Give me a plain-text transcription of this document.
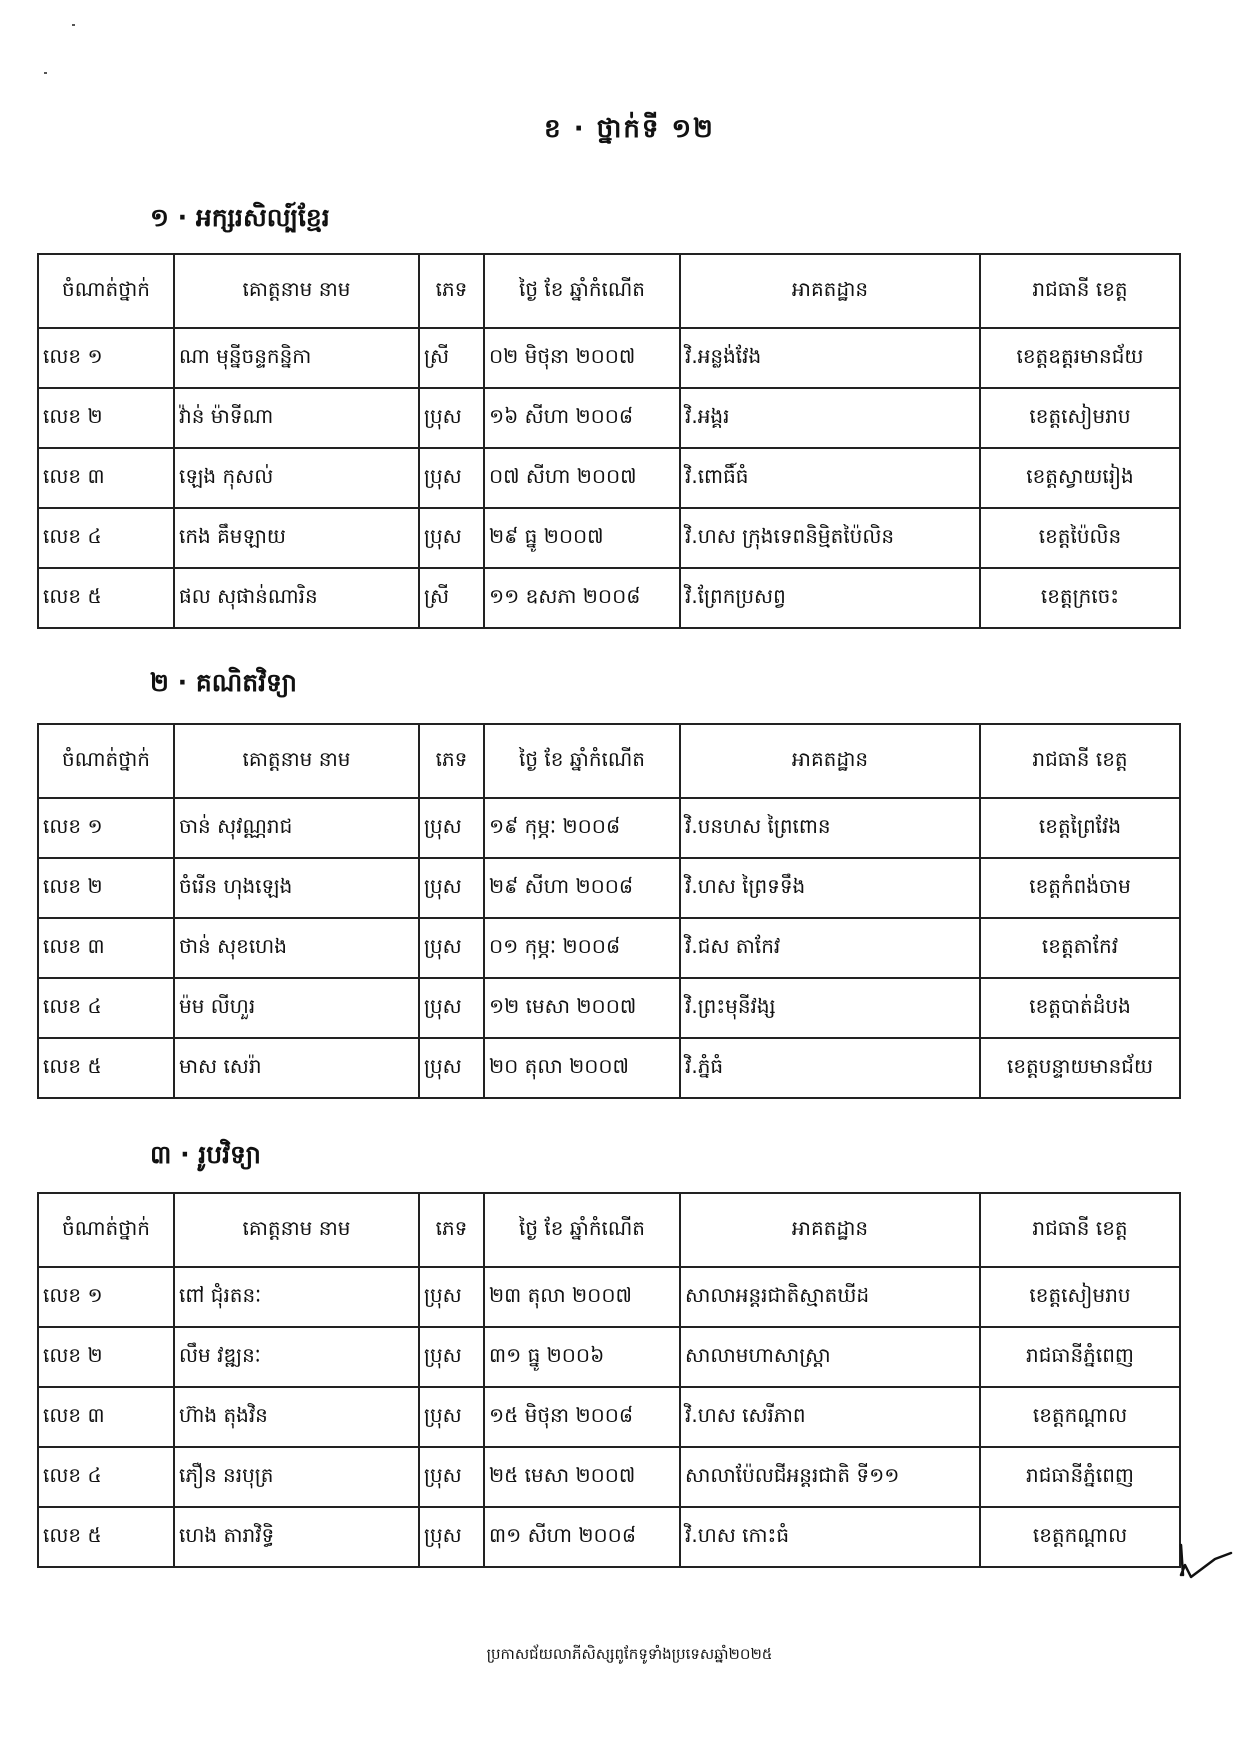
ខ · ថ្នាក់ទី ១២
១ · អក្សរសិល្ប៍ខ្មែរ
ចំណាត់ថ្នាក់	គោត្តនាម នាម	ភេទ	ថ្ងៃ ខែ ឆ្នាំកំណើត	អាគតដ្ឋាន	រាជធានី ខេត្ត
លេខ ១	ណា មុន្នីចន្ទកន្និកា	ស្រី	០២ មិថុនា ២០០៧	វិ.អន្លង់វែង	ខេត្តឧត្តរមានជ័យ
លេខ ២	វ៉ាន់ ម៉ាទីណា	ប្រុស	១៦ សីហា ២០០៨	វិ.អង្គរ	ខេត្តសៀមរាប
លេខ ៣	ឡេង កុសល់	ប្រុស	០៧ សីហា ២០០៧	វិ.ពោធិ៍ធំ	ខេត្តស្វាយរៀង
លេខ ៤	កេង គឹមឡាយ	ប្រុស	២៩ ធ្នូ ២០០៧	វិ.ហស ក្រុងទេពនិម្មិតប៉ៃលិន	ខេត្តប៉ៃលិន
លេខ ៥	ផល សុផាន់ណារិន	ស្រី	១១ ឧសភា ២០០៨	វិ.ព្រែកប្រសព្វ	ខេត្តក្រចេះ
២ · គណិតវិទ្យា
ចំណាត់ថ្នាក់	គោត្តនាម នាម	ភេទ	ថ្ងៃ ខែ ឆ្នាំកំណើត	អាគតដ្ឋាន	រាជធានី ខេត្ត
លេខ ១	ចាន់ សុវណ្ណរាជ	ប្រុស	១៩ កុម្ភៈ ២០០៨	វិ.បនហស ព្រៃពោន	ខេត្តព្រៃវែង
លេខ ២	ចំរើន ហុងឡេង	ប្រុស	២៩ សីហា ២០០៨	វិ.ហស ព្រៃទទឹង	ខេត្តកំពង់ចាម
លេខ ៣	ថាន់ សុខហេង	ប្រុស	០១ កុម្ភៈ ២០០៨	វិ.ជស តាកែវ	ខេត្តតាកែវ
លេខ ៤	ម៉ម លីហួរ	ប្រុស	១២ មេសា ២០០៧	វិ.ព្រះមុនីវង្ស	ខេត្តបាត់ដំបង
លេខ ៥	មាស សេរ៉ា	ប្រុស	២០ តុលា ២០០៧	វិ.ភ្នំធំ	ខេត្តបន្ទាយមានជ័យ
៣ · រូបវិទ្យា
ចំណាត់ថ្នាក់	គោត្តនាម នាម	ភេទ	ថ្ងៃ ខែ ឆ្នាំកំណើត	អាគតដ្ឋាន	រាជធានី ខេត្ត
លេខ ១	ពៅ ជុំរតនៈ	ប្រុស	២៣ តុលា ២០០៧	សាលាអន្តរជាតិស្មាតឃីដ	ខេត្តសៀមរាប
លេខ ២	លឹម វឌ្ឍនៈ	ប្រុស	៣១ ធ្នូ ២០០៦	សាលាមហាសាស្ត្រា	រាជធានីភ្នំពេញ
លេខ ៣	ហ៊ាង តុងវិន	ប្រុស	១៥ មិថុនា ២០០៨	វិ.ហស សេរីភាព	ខេត្តកណ្ដាល
លេខ ៤	ភឿន នរបុត្រ	ប្រុស	២៥ មេសា ២០០៧	សាលាប៉ែលជីអន្តរជាតិ ទី១១	រាជធានីភ្នំពេញ
លេខ ៥	ហេង តារាវិទ្ធិ	ប្រុស	៣១ សីហា ២០០៨	វិ.ហស កោះធំ	ខេត្តកណ្ដាល
ប្រកាសជ័យលាភីសិស្សពូកែទូទាំងប្រទេសឆ្នាំ២០២៥
